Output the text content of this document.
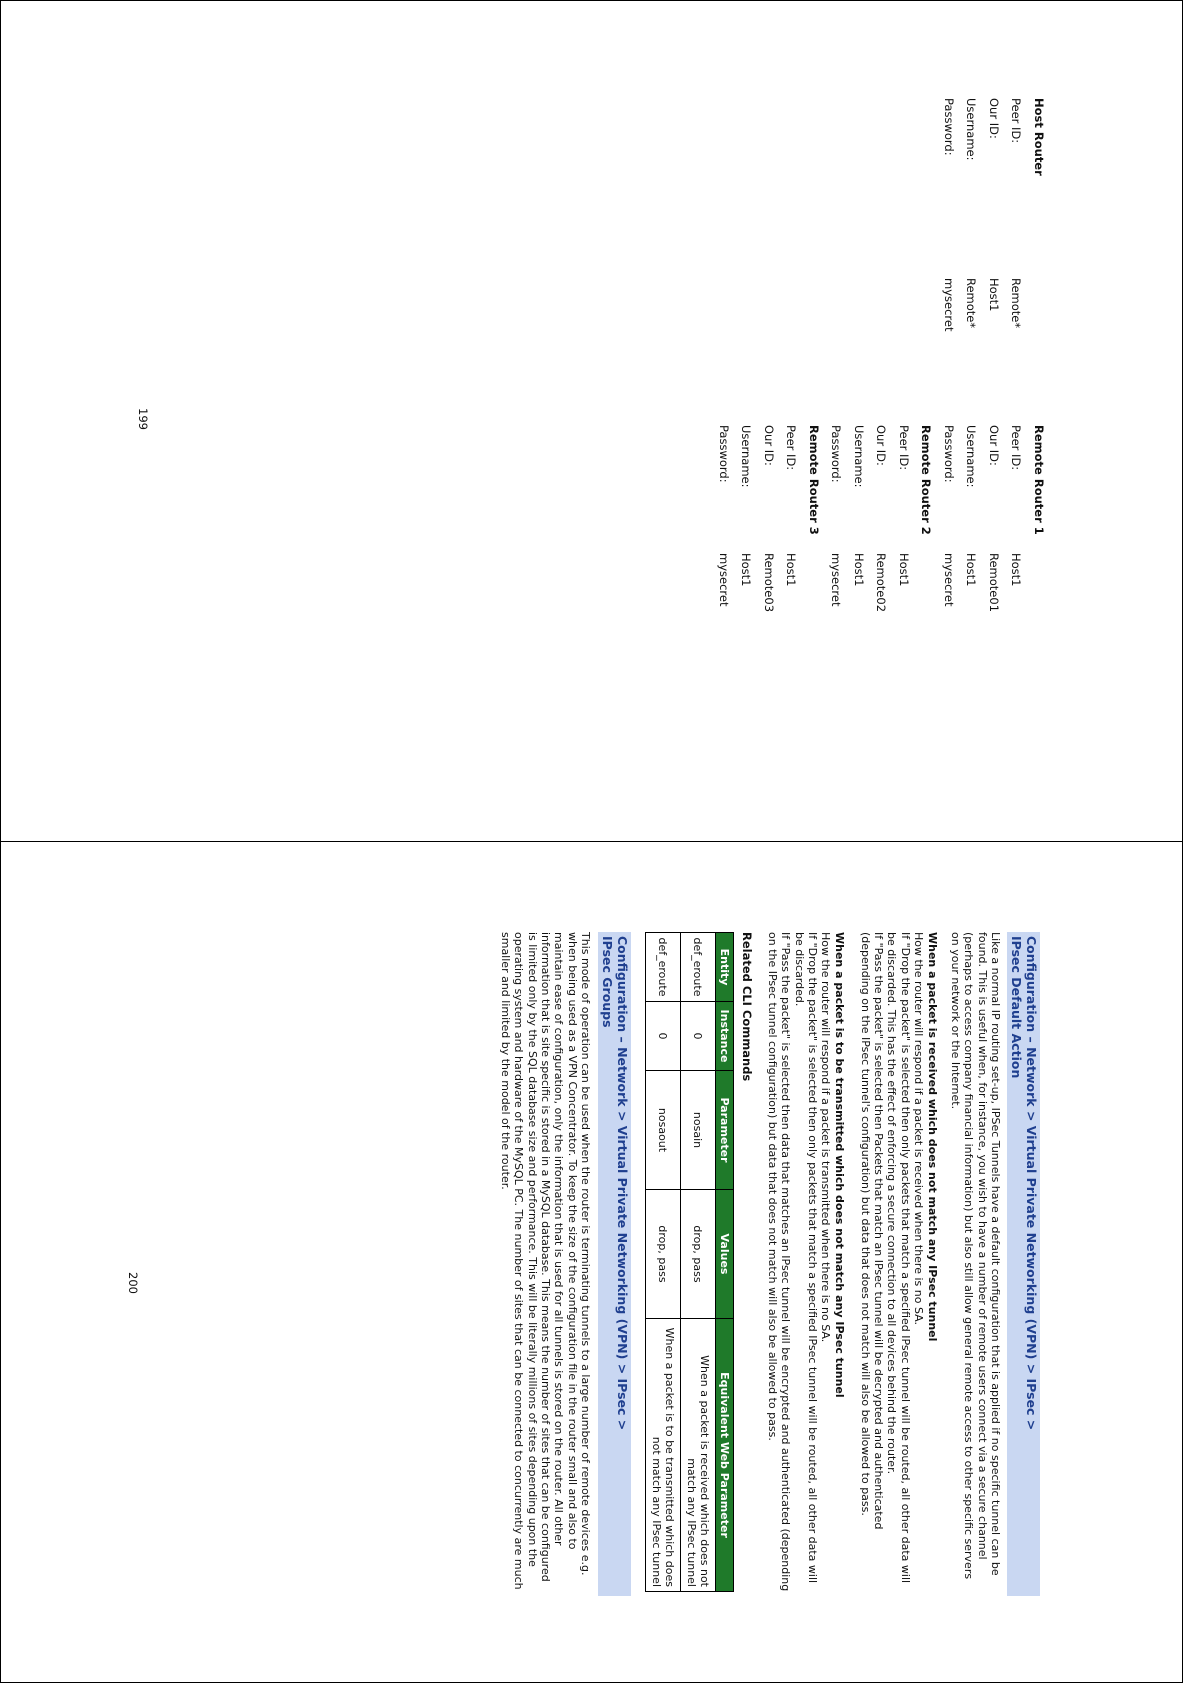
Host Router
Peer ID:Remote*
Our ID:Host1
Username:Remote*
Password:mysecret
Remote Router 1
Peer ID:Host1
Our ID:Remote01
Username:Host1
Password:mysecret
Remote Router 2
Peer ID:Host1
Our ID:Remote02
Username:Host1
Password:mysecret
Remote Router 3
Peer ID:Host1
Our ID:Remote03
Username:Host1
Password:mysecret
199
Configuration – Network > Virtual Private Networking (VPN) > IPsec >
IPsec Default Action

Like a normal IP routing set-up, IPSec Tunnels have a default configuration that is applied if no specific tunnel can be found. This is useful when, for instance, you wish to have a number of remote users connect via a secure channel (perhaps to access company financial information) but also still allow general remote access to other specific servers on your network or the Internet.

When a packet is received which does not match any IPsec tunnel

How the router will respond if a packet is received when there is no SA.

If "Drop the packet" is selected then only packets that match a specified IPsec tunnel will be routed, all other data will be discarded. This has the effect of enforcing a secure connection to all devices behind the router.

If "Pass the packet" is selected then Packets that match an IPsec tunnel will be decrypted and authenticated (depending on the IPsec tunnel's configuration) but data that does not match will also be allowed to pass.

When a packet is to be transmitted which does not match any IPsec tunnel

How the router will respond if a packet is transmitted when there is no SA.

If "Drop the packet" is selected then only packets that match a specified IPsec tunnel will be routed, all other data will be discarded.

If "Pass the packet" is selected then data that matches an IPsec tunnel will be encrypted and authenticated (depending on the IPsec tunnel configuration) but data that does not match will also be allowed to pass.

Related CLI Commands

Entity	Instance	Parameter	Values	Equivalent Web Parameter
def_eroute	0	nosain	drop, pass	When a packet is received which does not match any IPsec tunnel
def_eroute	0	nosaout	drop, pass	When a packet is to be transmitted which does not match any IPsec tunnel
Configuration – Network > Virtual Private Networking (VPN) > IPsec >
IPsec Groups

This mode of operation can be used when the router is terminating tunnels to a large number of remote devices e.g. when being used as a VPN Concentrator. To keep the size of the configuration file in the router small and also to maintain ease of configuration, only the information that is used for all tunnels is stored on the router. All other information that is site specific is stored in a MySQL database. This means the number of sites that can be configured is limited only by the SQL database size and performance. This will be literally millions of sites depending upon the operating system and hardware of the MySQL PC. The number of sites that can be connected to concurrently are much smaller and limited by the model of the router.

200
